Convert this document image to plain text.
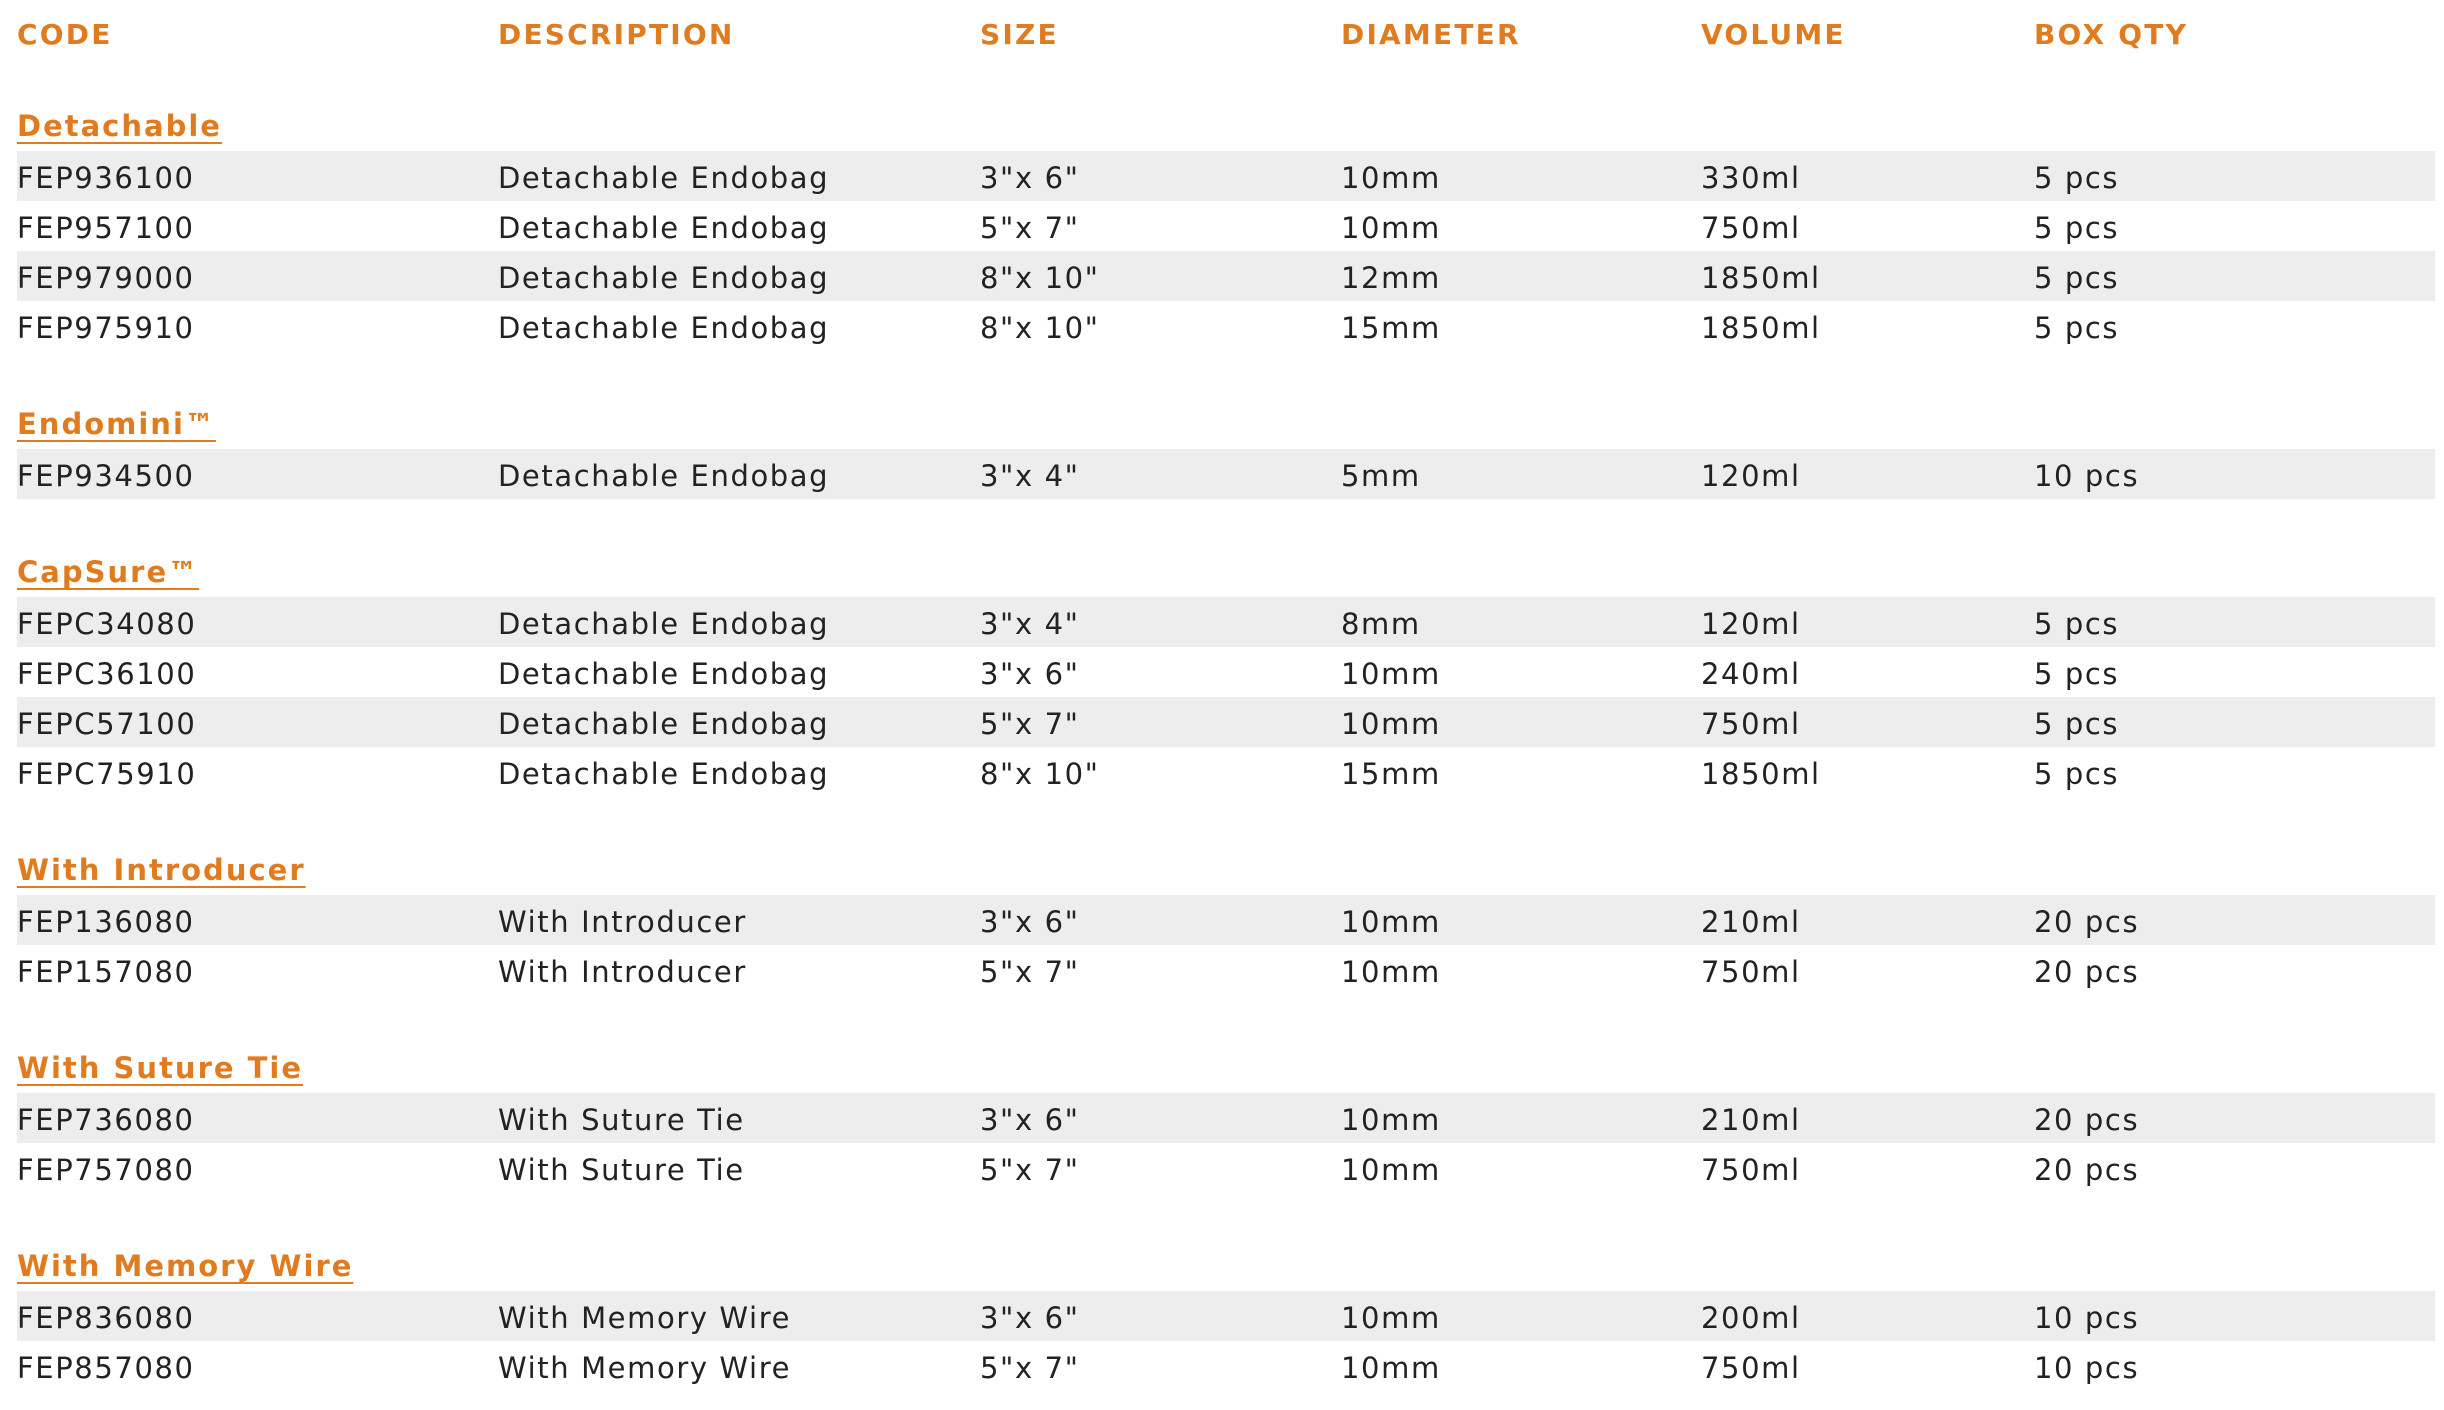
CODE	DESCRIPTION	SIZE	DIAMETER	VOLUME	BOX QTY
Detachable
FEP936100	Detachable Endobag	3"x 6"	10mm	330ml	5 pcs
FEP957100	Detachable Endobag	5"x 7"	10mm	750ml	5 pcs
FEP979000	Detachable Endobag	8"x 10"	12mm	1850ml	5 pcs
FEP975910	Detachable Endobag	8"x 10"	15mm	1850ml	5 pcs
Endomini™
FEP934500	Detachable Endobag	3"x 4"	5mm	120ml	10 pcs
CapSure™
FEPC34080	Detachable Endobag	3"x 4"	8mm	120ml	5 pcs
FEPC36100	Detachable Endobag	3"x 6"	10mm	240ml	5 pcs
FEPC57100	Detachable Endobag	5"x 7"	10mm	750ml	5 pcs
FEPC75910	Detachable Endobag	8"x 10"	15mm	1850ml	5 pcs
With Introducer
FEP136080	With Introducer	3"x 6"	10mm	210ml	20 pcs
FEP157080	With Introducer	5"x 7"	10mm	750ml	20 pcs
With Suture Tie
FEP736080	With Suture Tie	3"x 6"	10mm	210ml	20 pcs
FEP757080	With Suture Tie	5"x 7"	10mm	750ml	20 pcs
With Memory Wire
FEP836080	With Memory Wire	3"x 6"	10mm	200ml	10 pcs
FEP857080	With Memory Wire	5"x 7"	10mm	750ml	10 pcs
